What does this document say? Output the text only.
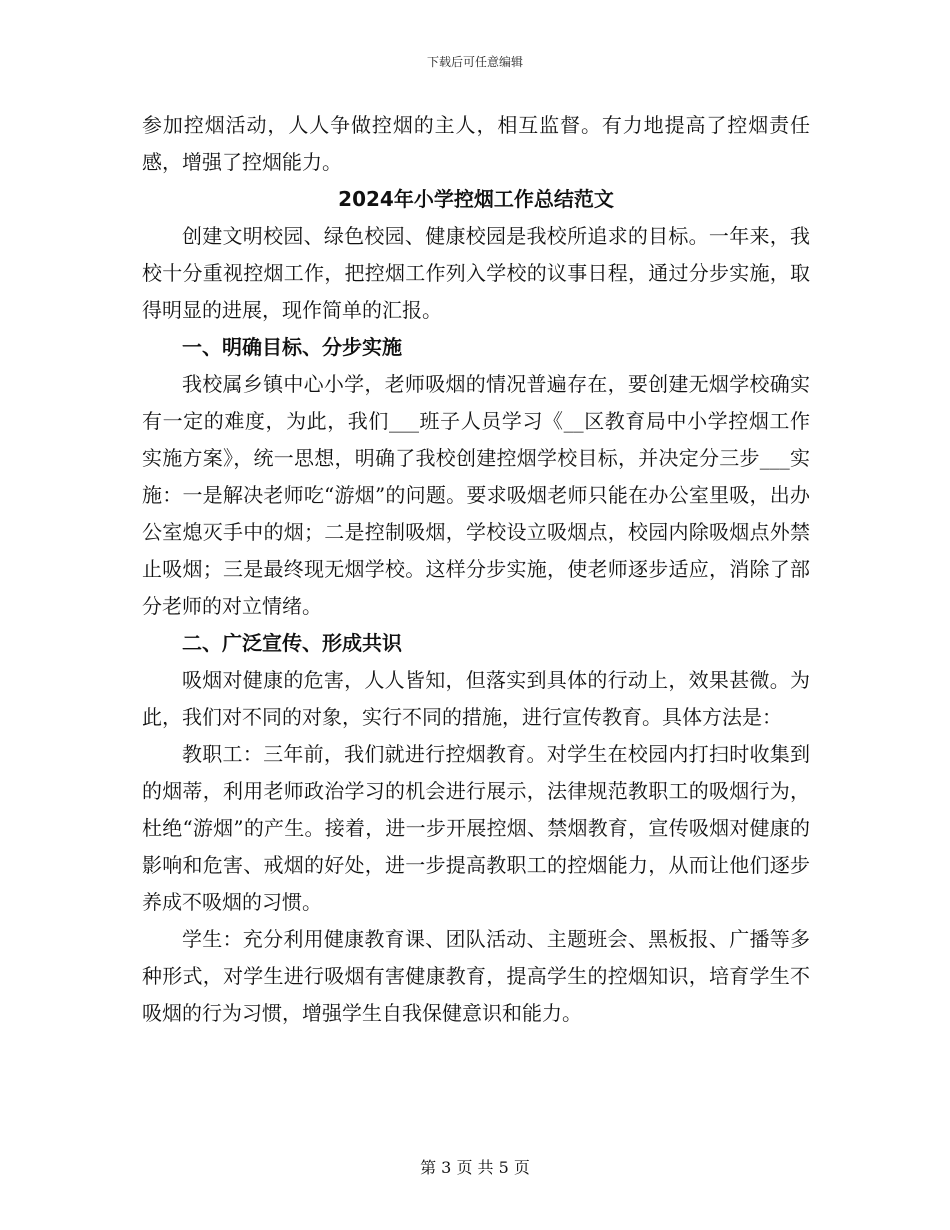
下载后可任意编辑

参加控烟活动，人人争做控烟的主人，相互监督。有力地提高了控烟责任感，增强了控烟能力。

2024年小学控烟工作总结范文

创建文明校园、绿色校园、健康校园是我校所追求的目标。一年来，我校十分重视控烟工作，把控烟工作列入学校的议事日程，通过分步实施，取得明显的进展，现作简单的汇报。

一、明确目标、分步实施

我校属乡镇中心小学，老师吸烟的情况普遍存在，要创建无烟学校确实有一定的难度，为此，我们___班子人员学习《__区教育局中小学控烟工作实施方案》，统一思想，明确了我校创建控烟学校目标，并决定分三步___实施：一是解决老师吃“游烟”的问题。要求吸烟老师只能在办公室里吸，出办公室熄灭手中的烟；二是控制吸烟，学校设立吸烟点，校园内除吸烟点外禁止吸烟；三是最终现无烟学校。这样分步实施，使老师逐步适应，消除了部分老师的对立情绪。

二、广泛宣传、形成共识

吸烟对健康的危害，人人皆知，但落实到具体的行动上，效果甚微。为此，我们对不同的对象，实行不同的措施，进行宣传教育。具体方法是：

教职工：三年前，我们就进行控烟教育。对学生在校园内打扫时收集到的烟蒂，利用老师政治学习的机会进行展示，法律规范教职工的吸烟行为，杜绝“游烟”的产生。接着，进一步开展控烟、禁烟教育，宣传吸烟对健康的影响和危害、戒烟的好处，进一步提高教职工的控烟能力，从而让他们逐步养成不吸烟的习惯。

学生：充分利用健康教育课、团队活动、主题班会、黑板报、广播等多种形式，对学生进行吸烟有害健康教育，提高学生的控烟知识，培育学生不吸烟的行为习惯，增强学生自我保健意识和能力。

第 3 页 共 5 页
